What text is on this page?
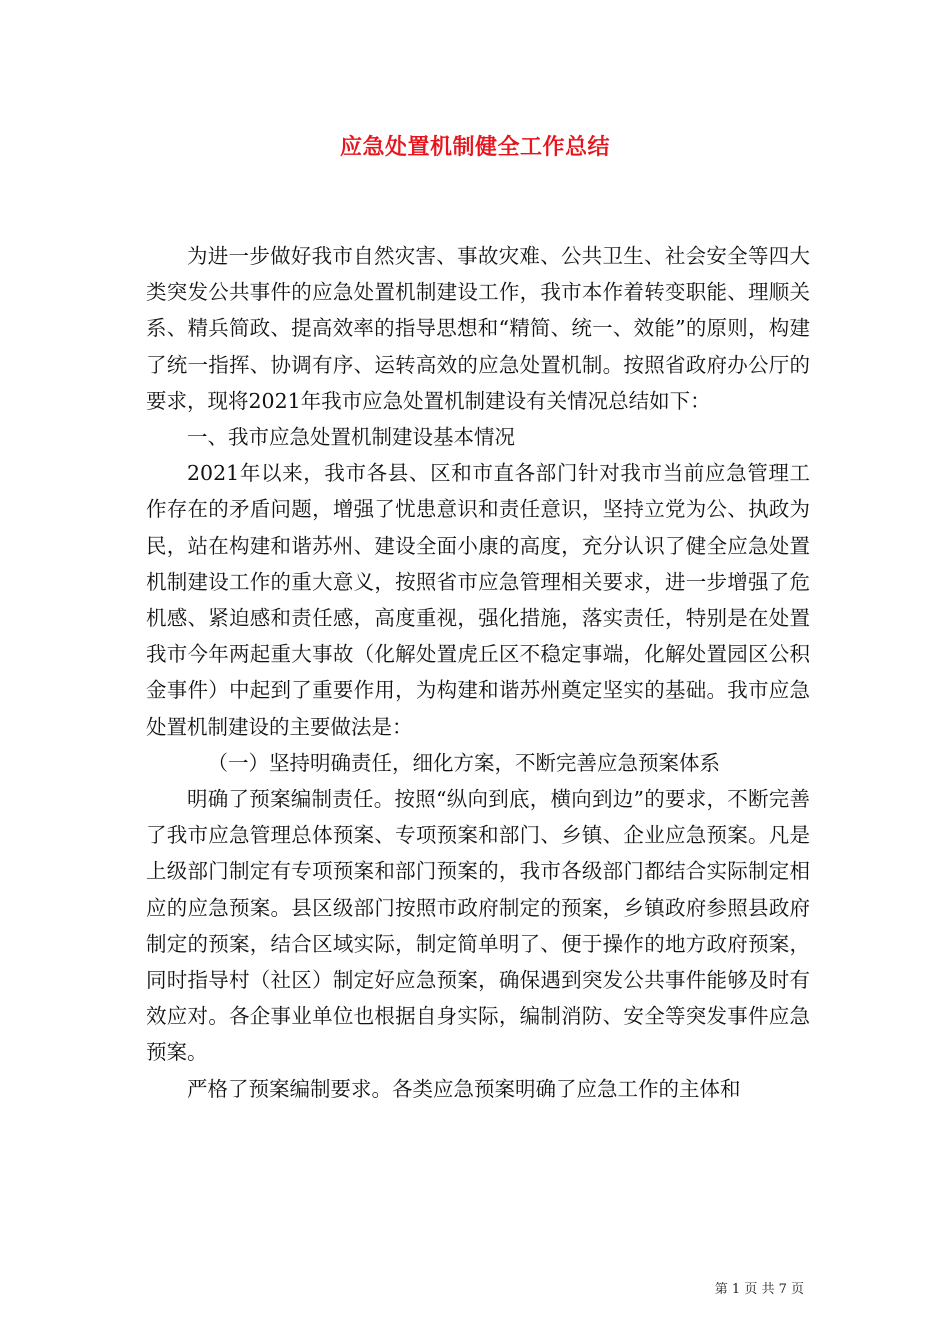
应急处置机制健全工作总结

为进一步做好我市自然灾害、事故灾难、公共卫生、社会安全等四大类突发公共事件的应急处置机制建设工作，我市本作着转变职能、理顺关系、精兵简政、提高效率的指导思想和“精简、统一、效能”的原则，构建了统一指挥、协调有序、运转高效的应急处置机制。按照省政府办公厅的要求，现将2021年我市应急处置机制建设有关情况总结如下：

一、我市应急处置机制建设基本情况

2021年以来，我市各县、区和市直各部门针对我市当前应急管理工作存在的矛盾问题，增强了忧患意识和责任意识，坚持立党为公、执政为民，站在构建和谐苏州、建设全面小康的高度，充分认识了健全应急处置机制建设工作的重大意义，按照省市应急管理相关要求，进一步增强了危机感、紧迫感和责任感，高度重视，强化措施，落实责任，特别是在处置我市今年两起重大事故（化解处置虎丘区不稳定事端，化解处置园区公积金事件）中起到了重要作用，为构建和谐苏州奠定坚实的基础。我市应急处置机制建设的主要做法是：

（一）坚持明确责任，细化方案，不断完善应急预案体系

明确了预案编制责任。按照“纵向到底，横向到边”的要求，不断完善了我市应急管理总体预案、专项预案和部门、乡镇、企业应急预案。凡是上级部门制定有专项预案和部门预案的，我市各级部门都结合实际制定相应的应急预案。县区级部门按照市政府制定的预案，乡镇政府参照县政府制定的预案，结合区域实际，制定简单明了、便于操作的地方政府预案，同时指导村（社区）制定好应急预案，确保遇到突发公共事件能够及时有效应对。各企事业单位也根据自身实际，编制消防、安全等突发事件应急预案。

严格了预案编制要求。各类应急预案明确了应急工作的主体和

第 1 页 共 7 页
